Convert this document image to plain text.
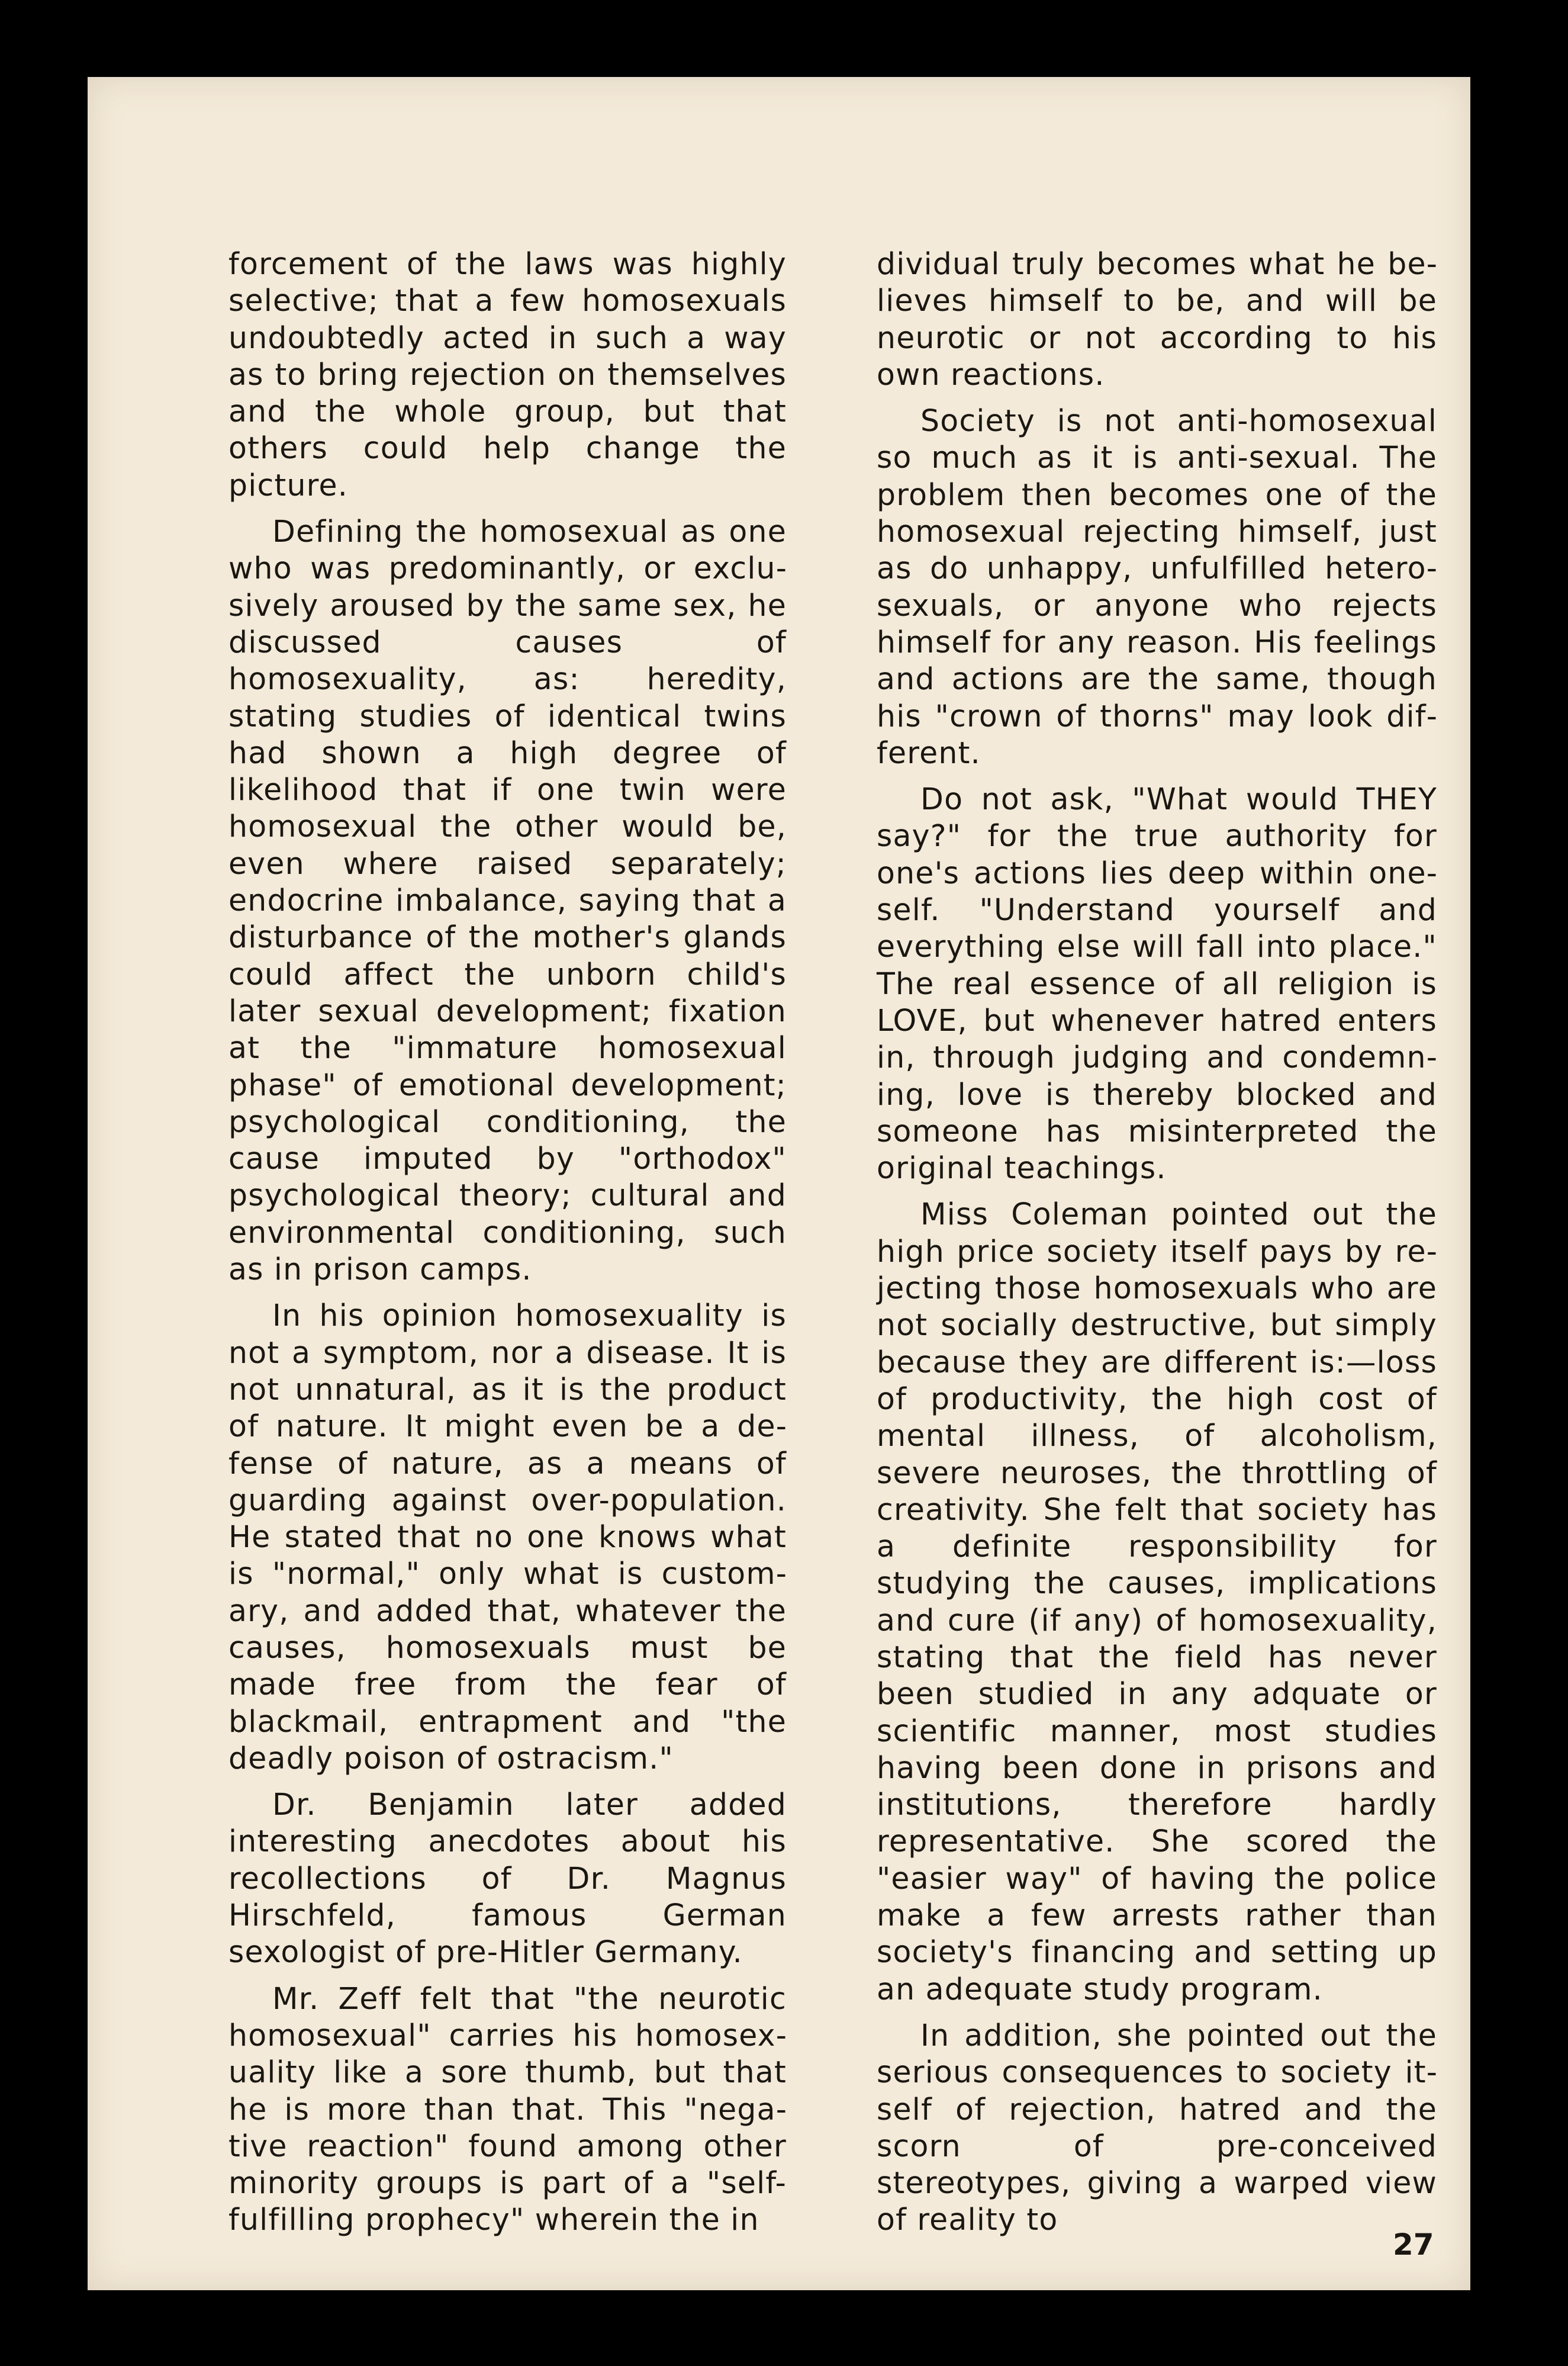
forcement of the laws was highly selective; that a few homosexuals undoubtedly acted in such a way as to bring rejection on themselves and the whole group, but that others could help change the picture.

Defining the homosexual as one who was predominantly, or exclusively aroused by the same sex, he discussed causes of homosexuality, as: heredity, stating studies of identical twins had shown a high degree of likelihood that if one twin were homosexual the other would be, even where raised separately; endocrine imbalance, saying that a disturbance of the mother's glands could affect the unborn child's later sexual development; fixation at the "immature homosexual phase" of emotional development; psychological conditioning, the cause imputed by "orthodox" psychological theory; cultural and environmental conditioning, such as in prison camps.

In his opinion homosexuality is not a symptom, nor a disease. It is not unnatural, as it is the product of nature. It might even be a defense of nature, as a means of guarding against over-population. He stated that no one knows what is "normal," only what is customary, and added that, whatever the causes, homosexuals must be made free from the fear of blackmail, entrapment and "the deadly poison of ostracism."

Dr. Benjamin later added interesting anecdotes about his recollections of Dr. Magnus Hirschfeld, famous German sexologist of pre-Hitler Germany.

Mr. Zeff felt that "the neurotic homosexual" carries his homosexuality like a sore thumb, but that he is more than that. This "negative reaction" found among other minority groups is part of a "self-fulfilling prophecy" wherein the in

dividual truly becomes what he believes himself to be, and will be neurotic or not according to his own reactions.

Society is not anti-homosexual so much as it is anti-sexual. The problem then becomes one of the homosexual rejecting himself, just as do unhappy, unfulfilled heterosexuals, or anyone who rejects himself for any reason. His feelings and actions are the same, though his "crown of thorns" may look different.

Do not ask, "What would THEY say?" for the true authority for one's actions lies deep within oneself. "Understand yourself and everything else will fall into place." The real essence of all religion is LOVE, but whenever hatred enters in, through judging and condemning, love is thereby blocked and someone has misinterpreted the original teachings.

Miss Coleman pointed out the high price society itself pays by rejecting those homosexuals who are not socially destructive, but simply because they are different is:—loss of productivity, the high cost of mental illness, of alcoholism, severe neuroses, the throttling of creativity. She felt that society has a definite responsibility for studying the causes, implications and cure (if any) of homosexuality, stating that the field has never been studied in any adquate or scientific manner, most studies having been done in prisons and institutions, therefore hardly representative. She scored the "easier way" of having the police make a few arrests rather than society's financing and setting up an adequate study program.

In addition, she pointed out the serious consequences to society itself of rejection, hatred and the scorn of pre-conceived stereotypes, giving a warped view of reality to

27
